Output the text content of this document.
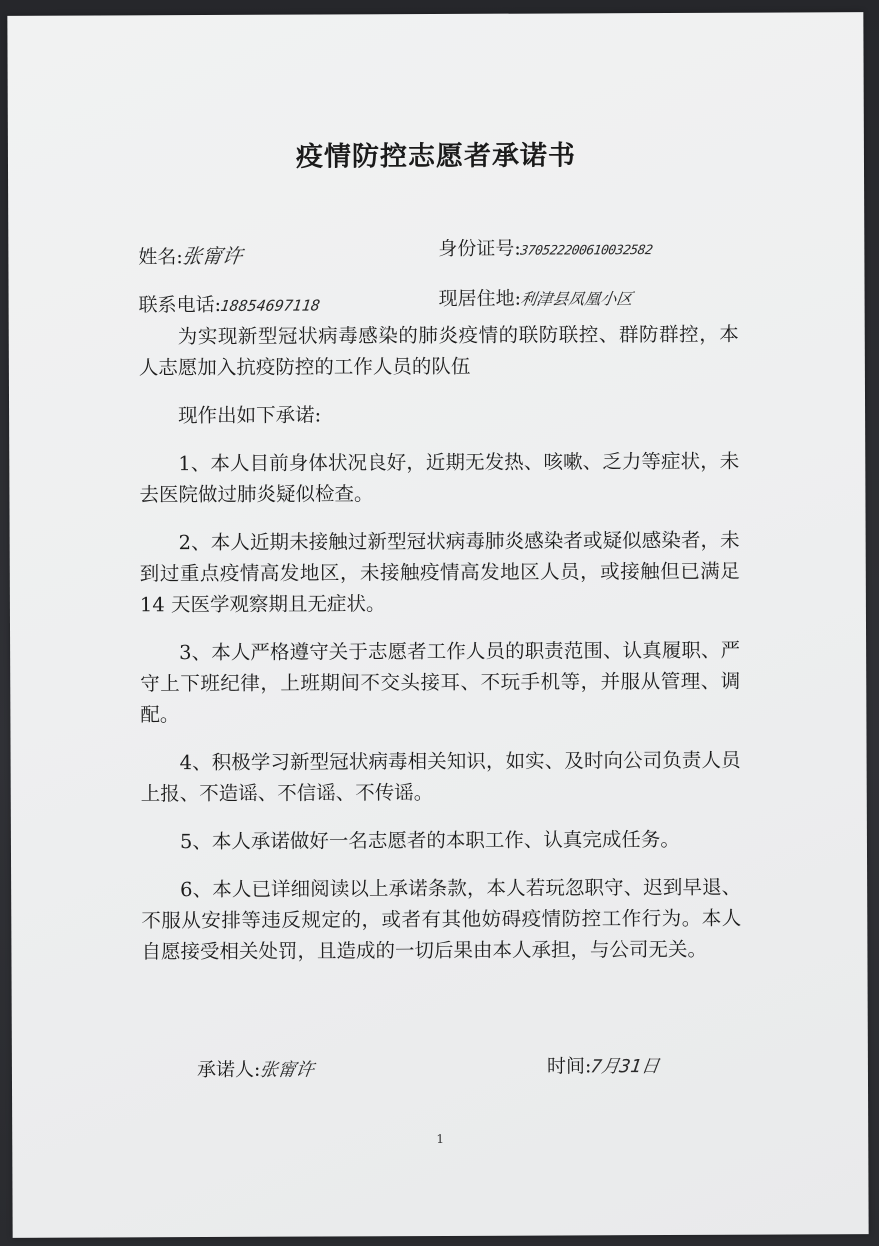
疫情防控志愿者承诺书
姓名:张甯许	身份证号:370522200610032582
联系电话:18854697118	现居住地:利津县凤凰小区

为实现新型冠状病毒感染的肺炎疫情的联防联控、群防群控，本人志愿加入抗疫防控的工作人员的队伍

现作出如下承诺:

1、本人目前身体状况良好，近期无发热、咳嗽、乏力等症状，未去医院做过肺炎疑似检查。

2、本人近期未接触过新型冠状病毒肺炎感染者或疑似感染者，未到过重点疫情高发地区，未接触疫情高发地区人员，或接触但已满足 14 天医学观察期且无症状。

3、本人严格遵守关于志愿者工作人员的职责范围、认真履职、严守上下班纪律，上班期间不交头接耳、不玩手机等，并服从管理、调配。

4、积极学习新型冠状病毒相关知识，如实、及时向公司负责人员上报、不造谣、不信谣、不传谣。

5、本人承诺做好一名志愿者的本职工作、认真完成任务。

6、本人已详细阅读以上承诺条款，本人若玩忽职守、迟到早退、不服从安排等违反规定的，或者有其他妨碍疫情防控工作行为。本人自愿接受相关处罚，且造成的一切后果由本人承担，与公司无关。

承诺人:张甯许	时间:7月31日
1
